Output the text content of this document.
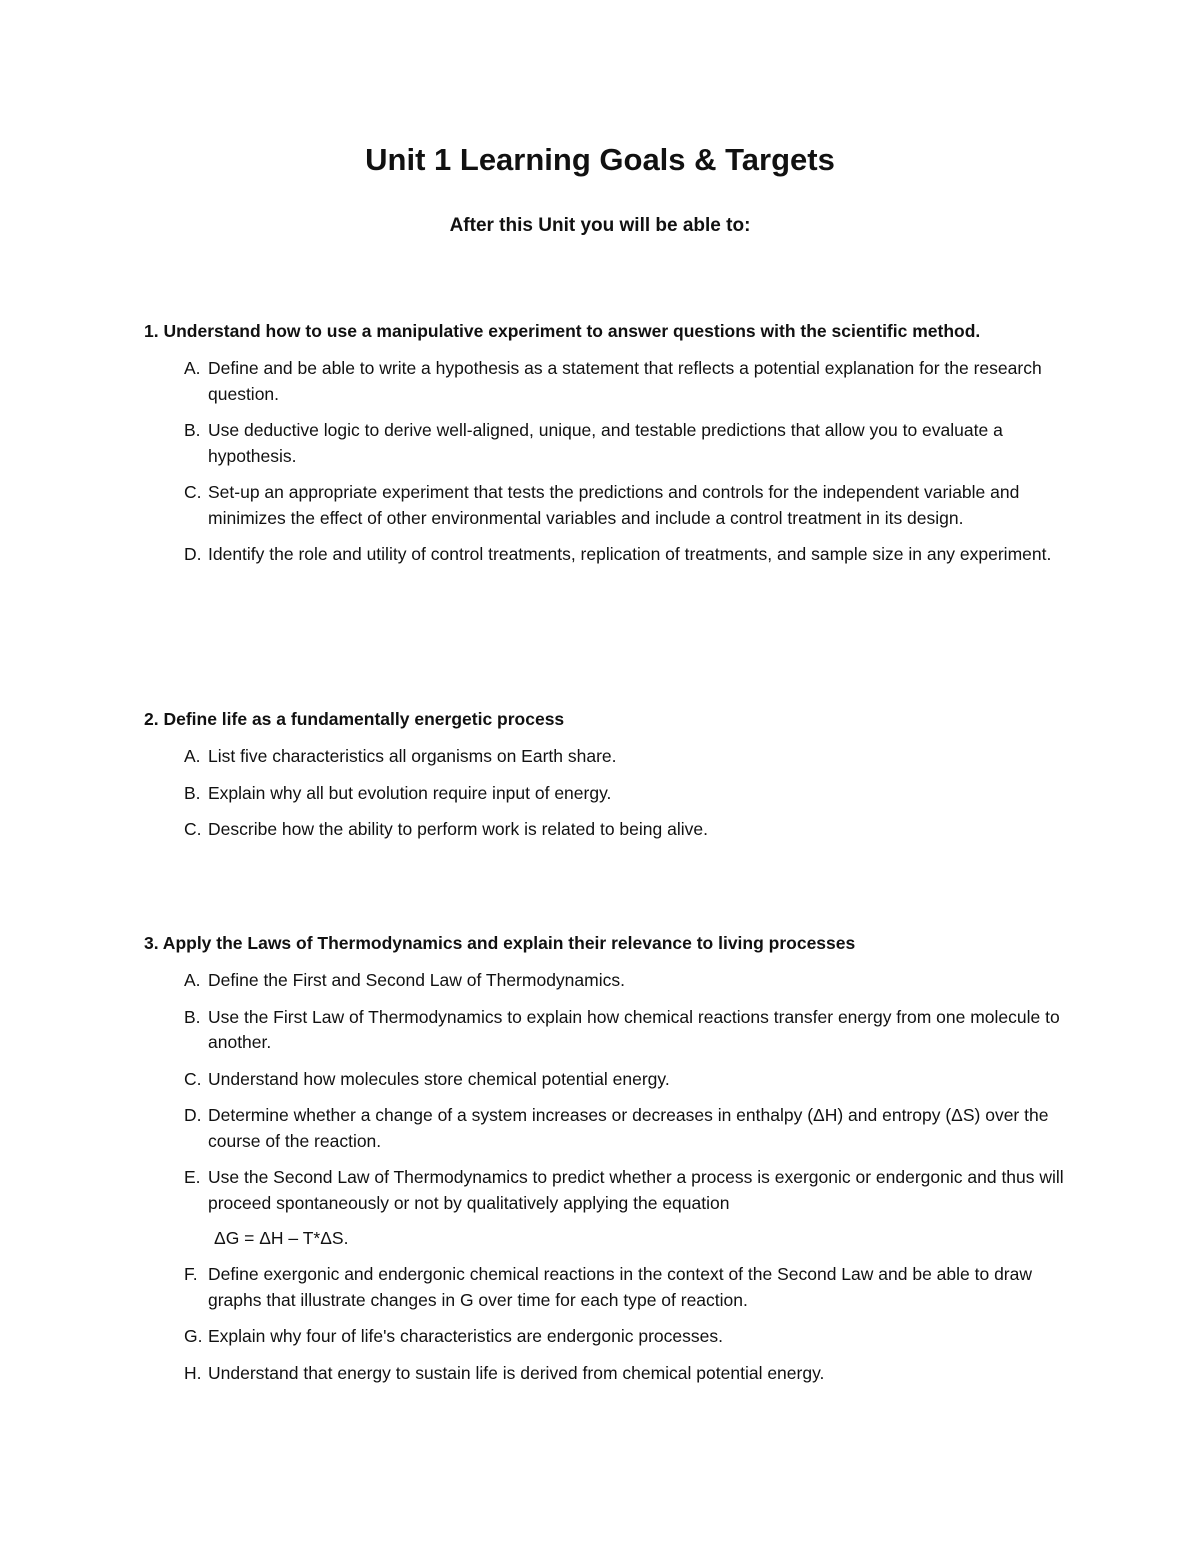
Unit 1 Learning Goals & Targets
After this Unit you will be able to:

1. Understand how to use a manipulative experiment to answer questions with the scientific method.

A. Define and be able to write a hypothesis as a statement that reflects a potential explanation for the research question.
B. Use deductive logic to derive well-aligned, unique, and testable predictions that allow you to evaluate a hypothesis.
C. Set-up an appropriate experiment that tests the predictions and controls for the independent variable and minimizes the effect of other environmental variables and include a control treatment in its design.
D. Identify the role and utility of control treatments, replication of treatments, and sample size in any experiment.

2. Define life as a fundamentally energetic process

A. List five characteristics all organisms on Earth share.
B. Explain why all but evolution require input of energy.
C. Describe how the ability to perform work is related to being alive.

3. Apply the Laws of Thermodynamics and explain their relevance to living processes

A. Define the First and Second Law of Thermodynamics.
B. Use the First Law of Thermodynamics to explain how chemical reactions transfer energy from one molecule to another.
C. Understand how molecules store chemical potential energy.
D. Determine whether a change of a system increases or decreases in enthalpy (ΔH) and entropy (ΔS) over the course of the reaction.
E. Use the Second Law of Thermodynamics to predict whether a process is exergonic or endergonic and thus will proceed spontaneously or not by qualitatively applying the equation
ΔG = ΔH – T*ΔS.
F. Define exergonic and endergonic chemical reactions in the context of the Second Law and be able to draw graphs that illustrate changes in G over time for each type of reaction.
G. Explain why four of life's characteristics are endergonic processes.
H. Understand that energy to sustain life is derived from chemical potential energy.
